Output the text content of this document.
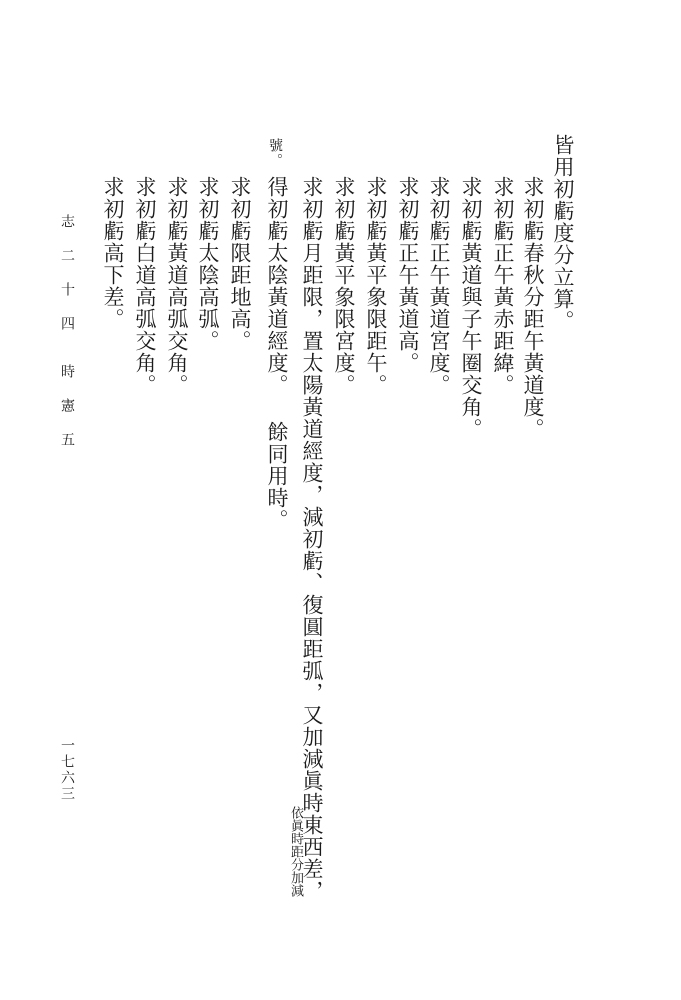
皆用初虧度分立算。
求初虧春秋分距午黃道度。
求初虧正午黃赤距緯。
求初虧黃道與子午圈交角。
求初虧正午黃道宮度。
求初虧正午黃道高。
求初虧黃平象限距午。
求初虧黃平象限宮度。
求初虧月距限，置太陽黃道經度，減初虧、復圓距弧，又加減眞時東西差，
依眞時距分加減
號。
得初虧太陰黃道經度。 餘同用時。
求初虧限距地高。
求初虧太陰高弧。
求初虧黃道高弧交角。
求初虧白道高弧交角。
求初虧高下差。
志 二 十 四　　時 憲 五
一七六三
